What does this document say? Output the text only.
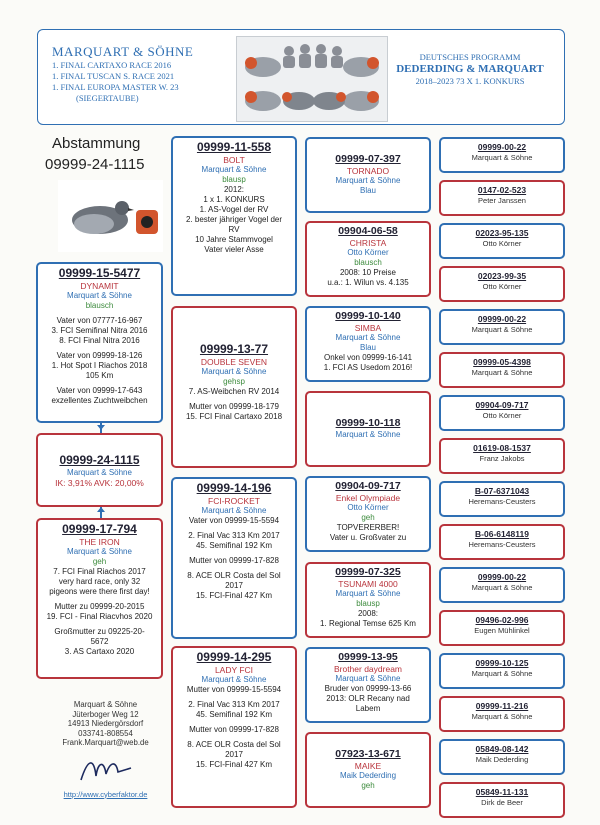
MARQUART & SÖHNE
1. FINAL CARTAXO RACE 2016
1. FINAL TUSCAN S. RACE 2021
1. FINAL EUROPA MASTER W. 23
(SIEGERTAUBE)
DEUTSCHES PROGRAMM
DEDERDING & MARQUART
2018–2023 73 X 1. KONKURS
Abstammung
09999-24-1115
09999-15-5477
DYNAMIT
Marquart & Söhne
blausch
Vater von 07777-16-967
3. FCI Semifinal Nitra 2016
8. FCI Final Nitra 2016
Vater von 09999-18-126
1. Hot Spot I Riachos 2018
105 Km
Vater von 09999-17-643
exzellentes Zuchtweibchen
09999-24-1115
Marquart & Söhne
IK: 3,91% AVK: 20,00%
09999-17-794
THE IRON
Marquart & Söhne
geh
7. FCI Final Riachos 2017
very hard race, only 32
pigeons were there first day!
Mutter zu 09999-20-2015
19. FCI - Final Riacvhos 2020
Großmutter zu 09225-20-
5672
3. AS Cartaxo 2020
09999-11-558
BOLT
Marquart & Söhne
blausp
2012:
1 x 1. KONKURS
1. AS-Vogel der RV
2. bester jähriger Vogel der
RV
10 Jahre Stammvogel
Vater vieler Asse
09999-13-77
DOUBLE SEVEN
Marquart & Söhne
gehsp
7. AS-Weibchen RV 2014
Mutter von 09999-18-179
15. FCI Final Cartaxo 2018
09999-14-196
FCI-ROCKET
Marquart & Söhne
Vater von 09999-15-5594
2. Final Vac 313 Km 2017
45. Semifinal 192 Km
Mutter von 09999-17-828
8. ACE OLR Costa del Sol
2017
15. FCI-Final 427 Km
09999-14-295
LADY FCI
Marquart & Söhne
Mutter von 09999-15-5594
2. Final Vac 313 Km 2017
45. Semifinal 192 Km
Mutter von 09999-17-828
8. ACE OLR Costa del Sol
2017
15. FCI-Final 427 Km
09999-07-397
TORNADO
Marquart & Söhne
Blau
09904-06-58
CHRISTA
Otto Körner
blausch
2008: 10 Preise
u.a.: 1. Wilun vs. 4.135
09999-10-140
SIMBA
Marquart & Söhne
Blau
Onkel von 09999-16-141
1. FCI AS Usedom 2016!
09999-10-118
Marquart & Söhne
09904-09-717
Enkel Olympiade
Otto Körner
geh
TOPVERERBER!
Vater u. Großvater zu
09999-07-325
TSUNAMI 4000
Marquart & Söhne
blausp
2008:
1. Regional Temse 625 Km
09999-13-95
Brother daydream
Marquart & Söhne
Bruder von 09999-13-66
2013: OLR Recany nad
Labem
07923-13-671
MAIKE
Maik Dederding
geh
09999-00-22
Marquart & Söhne
0147-02-523
Peter Janssen
02023-95-135
Otto Körner
02023-99-35
Otto Körner
09999-00-22
Marquart & Söhne
09999-05-4398
Marquart & Söhne
09904-09-717
Otto Körner
01619-08-1537
Franz Jakobs
B-07-6371043
Heremans-Ceusters
B-06-6148119
Heremans-Ceusters
09999-00-22
Marquart & Söhne
09496-02-996
Eugen Mühlinkel
09999-10-125
Marquart & Söhne
09999-11-216
Marquart & Söhne
05849-08-142
Maik Dederding
05849-11-131
Dirk de Beer
Marquart & Söhne
Jüterboger Weg 12
14913 Niedergörsdorf
033741-808554
Frank.Marquart@web.de
http://www.cyberfaktor.de
